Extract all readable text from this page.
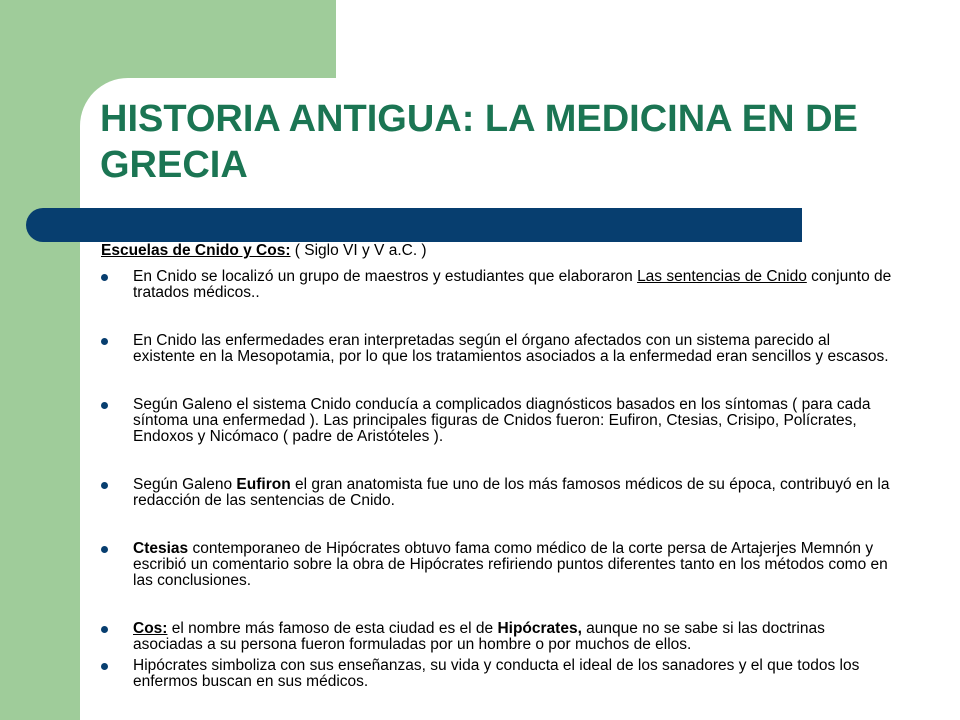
HISTORIA ANTIGUA: LA MEDICINA EN DE GRECIA
Escuelas de Cnido y Cos: ( Siglo VI y V a.C. )
En Cnido se localizó un grupo de maestros y estudiantes que elaboraron Las sentencias de Cnido conjunto de tratados médicos..
En Cnido las enfermedades eran interpretadas según el órgano afectados con un sistema parecido al existente en la Mesopotamia, por lo que los tratamientos asociados a la enfermedad eran sencillos y escasos.
Según Galeno el sistema Cnido conducía a complicados diagnósticos basados en los síntomas ( para cada síntoma una enfermedad ). Las principales figuras de Cnidos fueron: Eufiron, Ctesias, Crisipo, Polícrates, Endoxos y Nicómaco ( padre de Aristóteles ).
Según Galeno Eufiron el gran anatomista fue uno de los más famosos médicos de su época, contribuyó en la redacción de las sentencias de Cnido.
Ctesias contemporaneo de Hipócrates obtuvo fama como médico de la corte persa de Artajerjes Memnón y escribió un comentario sobre la obra de Hipócrates refiriendo puntos diferentes tanto en los métodos como en las conclusiones.
Cos: el nombre más famoso de esta ciudad es el de Hipócrates, aunque no se sabe si las doctrinas asociadas a su persona fueron formuladas por un hombre o por muchos de ellos.
Hipócrates simboliza con sus enseñanzas, su vida y conducta el ideal de los sanadores y el que todos los enfermos buscan en sus médicos.
